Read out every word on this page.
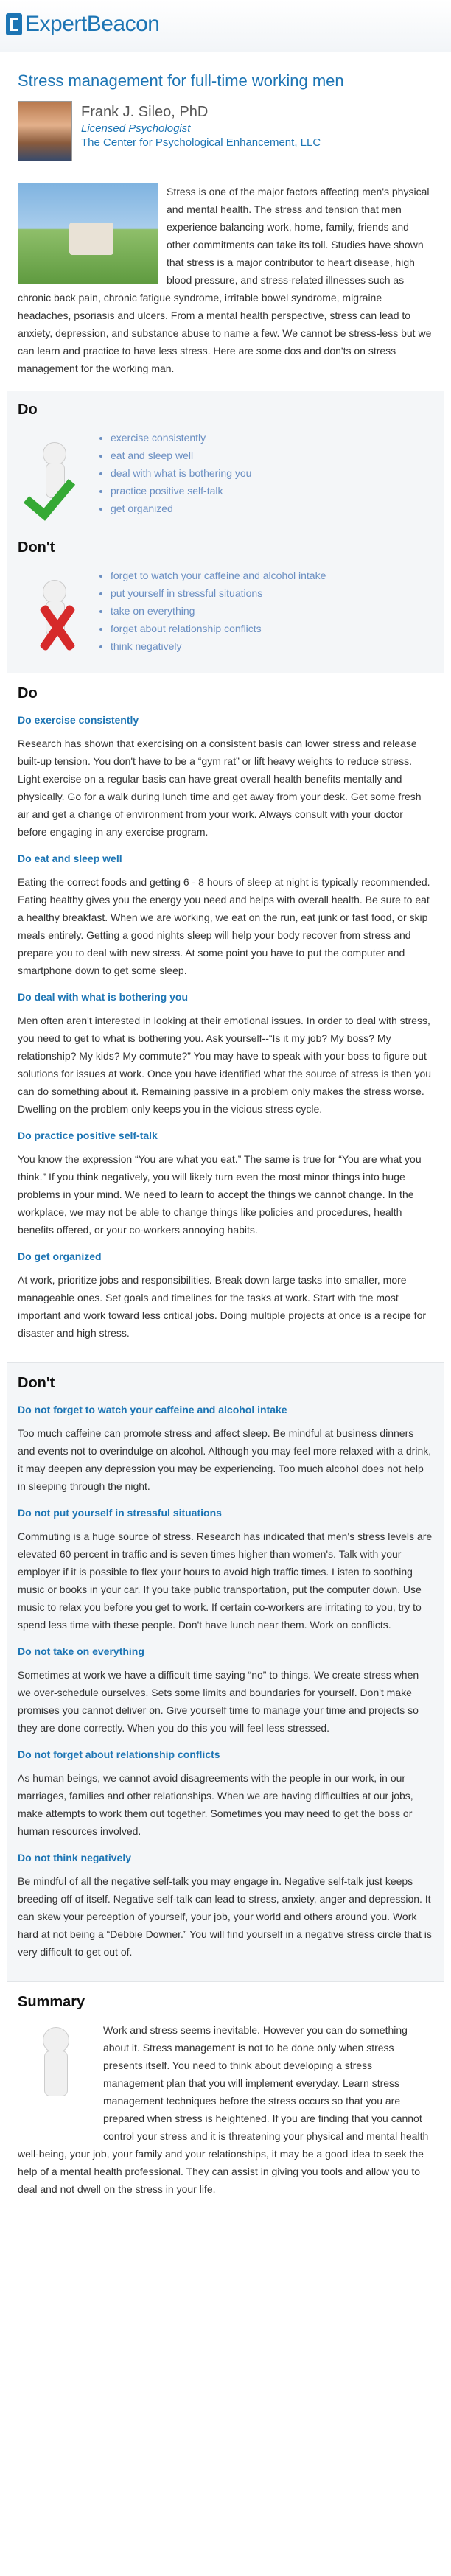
ExpertBeacon
Stress management for full-time working men
Frank J. Sileo, PhD
Licensed Psychologist
The Center for Psychological Enhancement, LLC
Stress is one of the major factors affecting men's physical and mental health. The stress and tension that men experience balancing work, home, family, friends and other commitments can take its toll. Studies have shown that stress is a major contributor to heart disease, high blood pressure, and stress-related illnesses such as chronic back pain, chronic fatigue syndrome, irritable bowel syndrome, migraine headaches, psoriasis and ulcers. From a mental health perspective, stress can lead to anxiety, depression, and substance abuse to name a few. We cannot be stress-less but we can learn and practice to have less stress. Here are some dos and don'ts on stress management for the working man.
Do
• exercise consistently
• eat and sleep well
• deal with what is bothering you
• practice positive self-talk
• get organized
Don't
• forget to watch your caffeine and alcohol intake
• put yourself in stressful situations
• take on everything
• forget about relationship conflicts
• think negatively
Do
Do exercise consistently

Research has shown that exercising on a consistent basis can lower stress and release built-up tension. You don't have to be a “gym rat” or lift heavy weights to reduce stress. Light exercise on a regular basis can have great overall health benefits mentally and physically. Go for a walk during lunch time and get away from your desk. Get some fresh air and get a change of environment from your work. Always consult with your doctor before engaging in any exercise program.

Do eat and sleep well

Eating the correct foods and getting 6 - 8 hours of sleep at night is typically recommended. Eating healthy gives you the energy you need and helps with overall health. Be sure to eat a healthy breakfast. When we are working, we eat on the run, eat junk or fast food, or skip meals entirely. Getting a good nights sleep will help your body recover from stress and prepare you to deal with new stress. At some point you have to put the computer and smartphone down to get some sleep.

Do deal with what is bothering you

Men often aren't interested in looking at their emotional issues. In order to deal with stress, you need to get to what is bothering you. Ask yourself--“Is it my job? My boss? My relationship? My kids? My commute?” You may have to speak with your boss to figure out solutions for issues at work. Once you have identified what the source of stress is then you can do something about it. Remaining passive in a problem only makes the stress worse. Dwelling on the problem only keeps you in the vicious stress cycle.

Do practice positive self-talk

You know the expression “You are what you eat.” The same is true for “You are what you think.” If you think negatively, you will likely turn even the most minor things into huge problems in your mind. We need to learn to accept the things we cannot change. In the workplace, we may not be able to change things like policies and procedures, health benefits offered, or your co-workers annoying habits.

Do get organized

At work, prioritize jobs and responsibilities. Break down large tasks into smaller, more manageable ones. Set goals and timelines for the tasks at work. Start with the most important and work toward less critical jobs. Doing multiple projects at once is a recipe for disaster and high stress.

Don't
Do not forget to watch your caffeine and alcohol intake

Too much caffeine can promote stress and affect sleep. Be mindful at business dinners and events not to overindulge on alcohol. Although you may feel more relaxed with a drink, it may deepen any depression you may be experiencing. Too much alcohol does not help in sleeping through the night.

Do not put yourself in stressful situations

Commuting is a huge source of stress. Research has indicated that men's stress levels are elevated 60 percent in traffic and is seven times higher than women's. Talk with your employer if it is possible to flex your hours to avoid high traffic times. Listen to soothing music or books in your car. If you take public transportation, put the computer down. Use music to relax you before you get to work. If certain co-workers are irritating to you, try to spend less time with these people. Don't have lunch near them. Work on conflicts.

Do not take on everything

Sometimes at work we have a difficult time saying “no” to things. We create stress when we over-schedule ourselves. Sets some limits and boundaries for yourself. Don't make promises you cannot deliver on. Give yourself time to manage your time and projects so they are done correctly. When you do this you will feel less stressed.

Do not forget about relationship conflicts

As human beings, we cannot avoid disagreements with the people in our work, in our marriages, families and other relationships. When we are having difficulties at our jobs, make attempts to work them out together. Sometimes you may need to get the boss or human resources involved.

Do not think negatively

Be mindful of all the negative self-talk you may engage in. Negative self-talk just keeps breeding off of itself. Negative self-talk can lead to stress, anxiety, anger and depression. It can skew your perception of yourself, your job, your world and others around you. Work hard at not being a “Debbie Downer.” You will find yourself in a negative stress circle that is very difficult to get out of.

Summary

Work and stress seems inevitable. However you can do something about it. Stress management is not to be done only when stress presents itself. You need to think about developing a stress management plan that you will implement everyday. Learn stress management techniques before the stress occurs so that you are prepared when stress is heightened. If you are finding that you cannot control your stress and it is threatening your physical and mental health well-being, your job, your family and your relationships, it may be a good idea to seek the help of a mental health professional. They can assist in giving you tools and allow you to deal and not dwell on the stress in your life.
